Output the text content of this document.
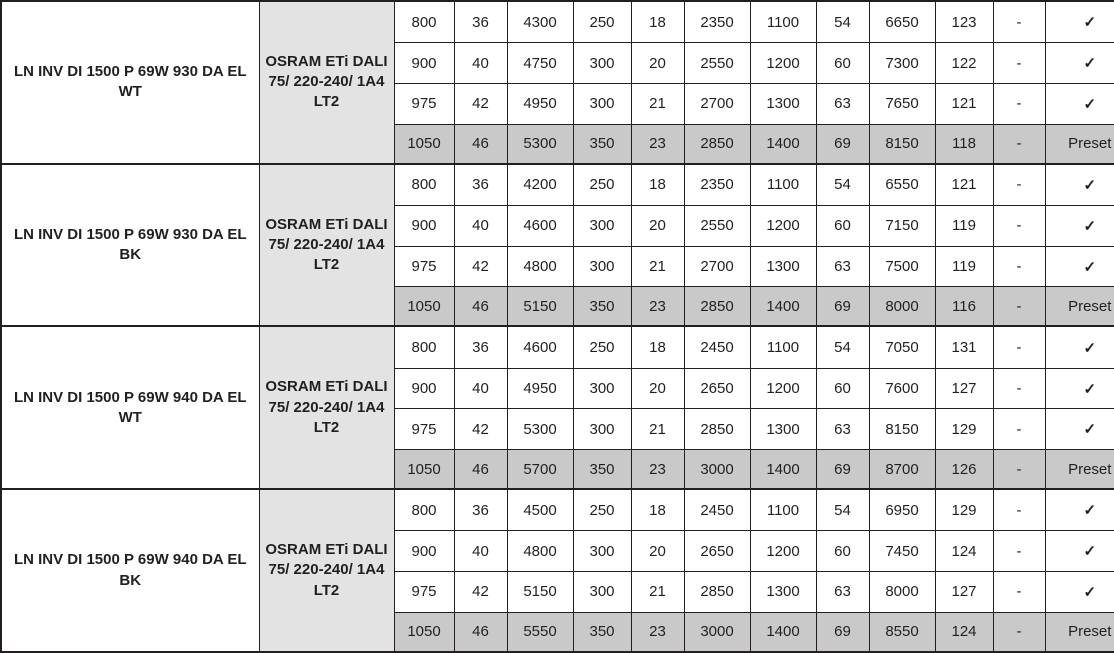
LN INV DI 1500 P 69W 930 DA EL WT	OSRAM ETi DALI 75/ 220-240/ 1A4 LT2	800	36	4300	250	18	2350	1100	54	6650	123	-	✓
		900	40	4750	300	20	2550	1200	60	7300	122	-	✓
		975	42	4950	300	21	2700	1300	63	7650	121	-	✓
		1050	46	5300	350	23	2850	1400	69	8150	118	-	Preset
LN INV DI 1500 P 69W 930 DA EL BK	OSRAM ETi DALI 75/ 220-240/ 1A4 LT2	800	36	4200	250	18	2350	1100	54	6550	121	-	✓
		900	40	4600	300	20	2550	1200	60	7150	119	-	✓
		975	42	4800	300	21	2700	1300	63	7500	119	-	✓
		1050	46	5150	350	23	2850	1400	69	8000	116	-	Preset
LN INV DI 1500 P 69W 940 DA EL WT	OSRAM ETi DALI 75/ 220-240/ 1A4 LT2	800	36	4600	250	18	2450	1100	54	7050	131	-	✓
		900	40	4950	300	20	2650	1200	60	7600	127	-	✓
		975	42	5300	300	21	2850	1300	63	8150	129	-	✓
		1050	46	5700	350	23	3000	1400	69	8700	126	-	Preset
LN INV DI 1500 P 69W 940 DA EL BK	OSRAM ETi DALI 75/ 220-240/ 1A4 LT2	800	36	4500	250	18	2450	1100	54	6950	129	-	✓
		900	40	4800	300	20	2650	1200	60	7450	124	-	✓
		975	42	5150	300	21	2850	1300	63	8000	127	-	✓
		1050	46	5550	350	23	3000	1400	69	8550	124	-	Preset
